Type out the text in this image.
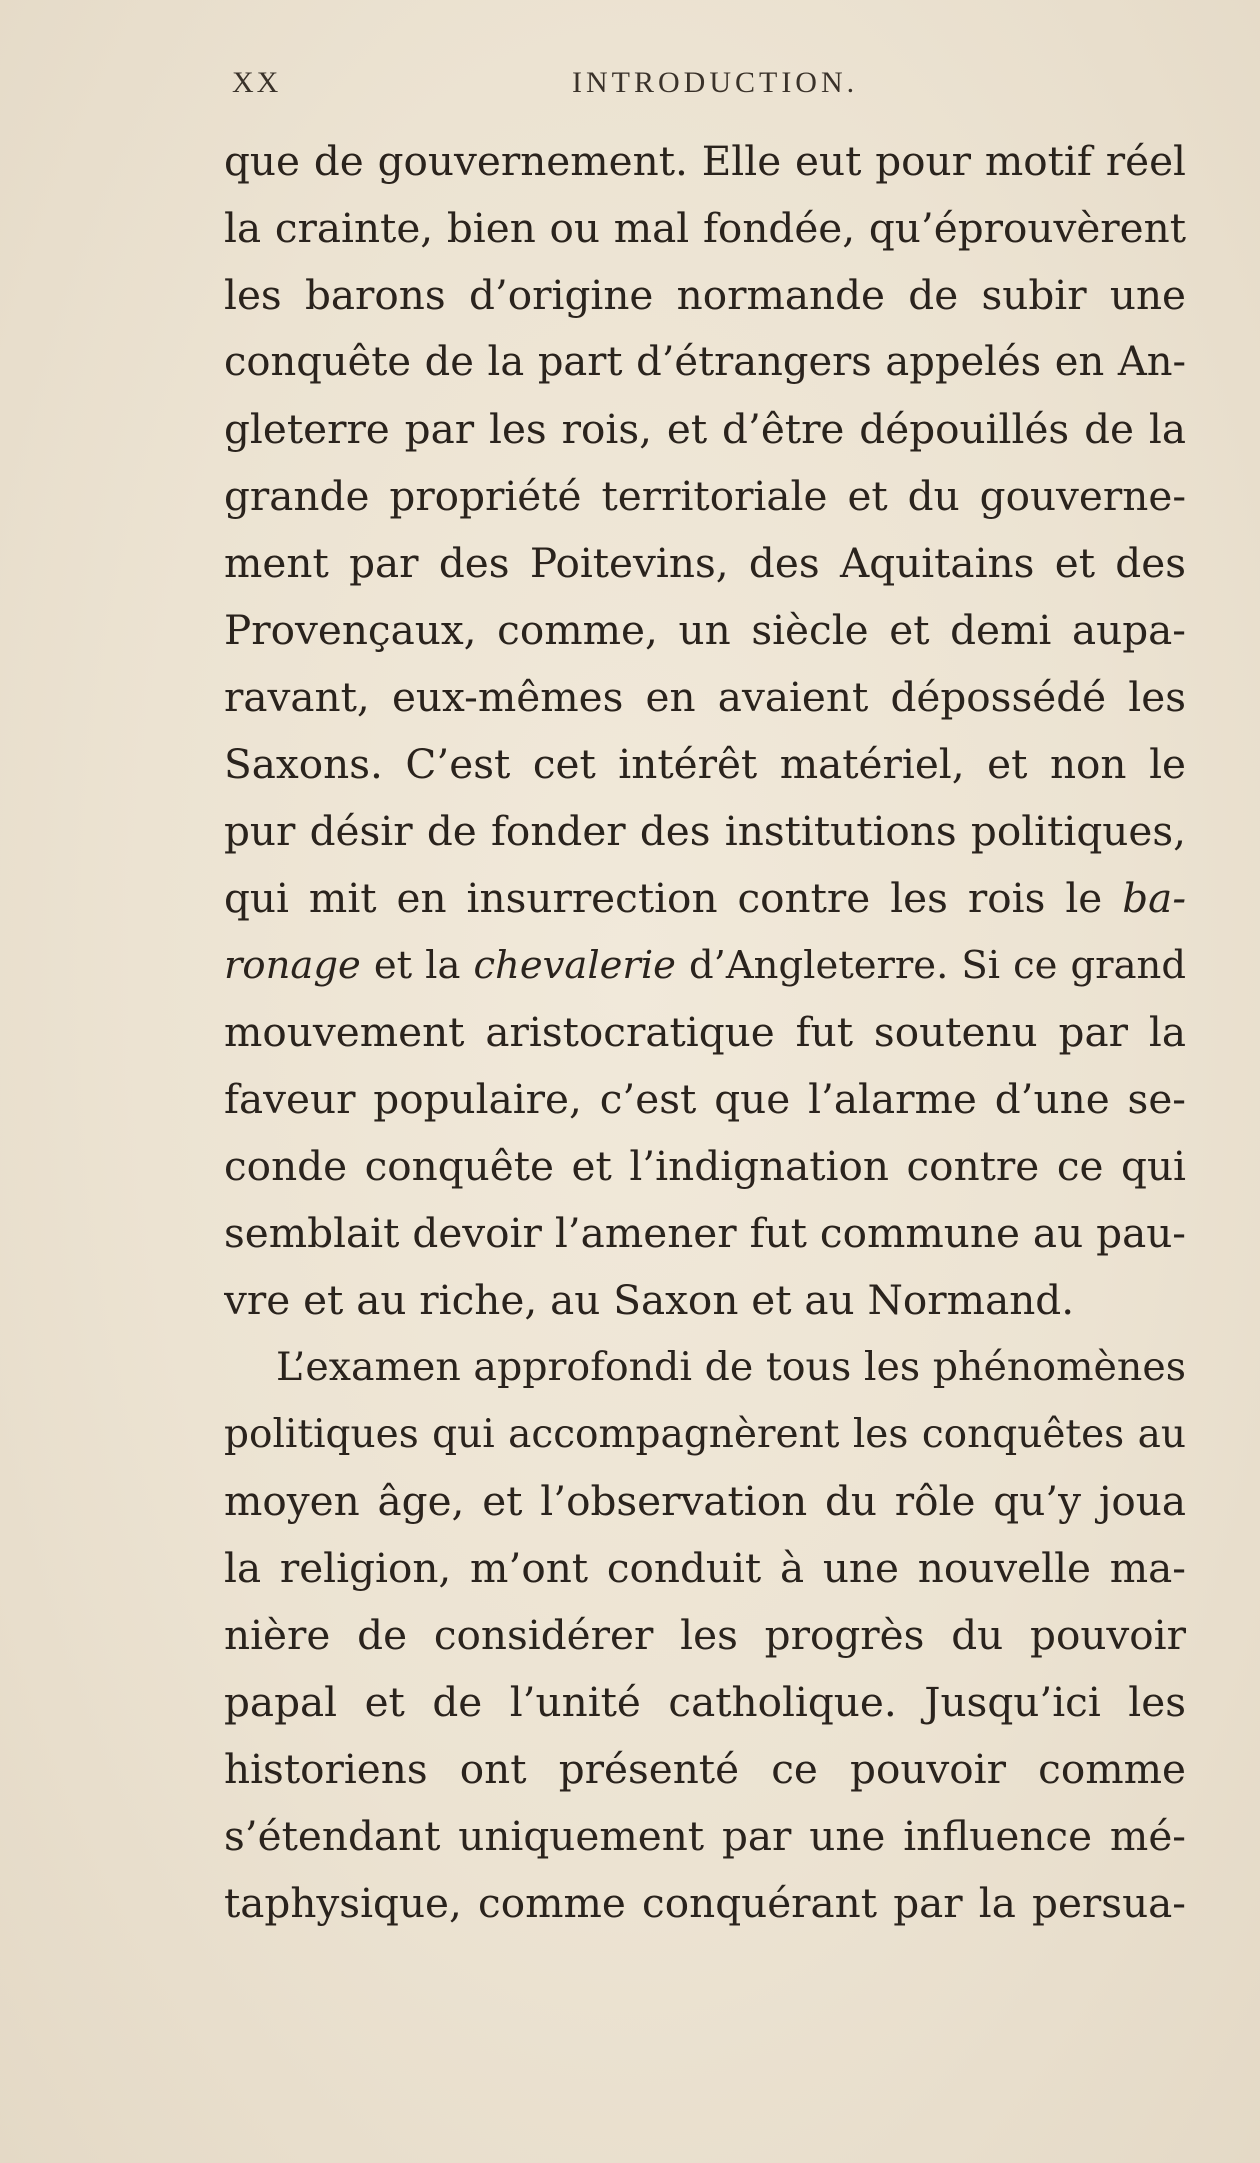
XX	INTRODUCTION.
que de gouvernement. Elle eut pour motif réel
la crainte, bien ou mal fondée, qu’éprouvèrent
les barons d’origine normande de subir une
conquête de la part d’étrangers appelés en An-
gleterre par les rois, et d’être dépouillés de la
grande propriété territoriale et du gouverne-
ment par des Poitevins, des Aquitains et des
Provençaux, comme, un siècle et demi aupa-
ravant, eux-mêmes en avaient dépossédé les
Saxons. C’est cet intérêt matériel, et non le
pur désir de fonder des institutions politiques,
qui mit en insurrection contre les rois le ba-
ronage et la chevalerie d’Angleterre. Si ce grand
mouvement aristocratique fut soutenu par la
faveur populaire, c’est que l’alarme d’une se-
conde conquête et l’indignation contre ce qui
semblait devoir l’amener fut commune au pau-
vre et au riche, au Saxon et au Normand.
L’examen approfondi de tous les phénomènes
politiques qui accompagnèrent les conquêtes au
moyen âge, et l’observation du rôle qu’y joua
la religion, m’ont conduit à une nouvelle ma-
nière de considérer les progrès du pouvoir
papal et de l’unité catholique. Jusqu’ici les
historiens ont présenté ce pouvoir comme
s’étendant uniquement par une influence mé-
taphysique, comme conquérant par la persua-
